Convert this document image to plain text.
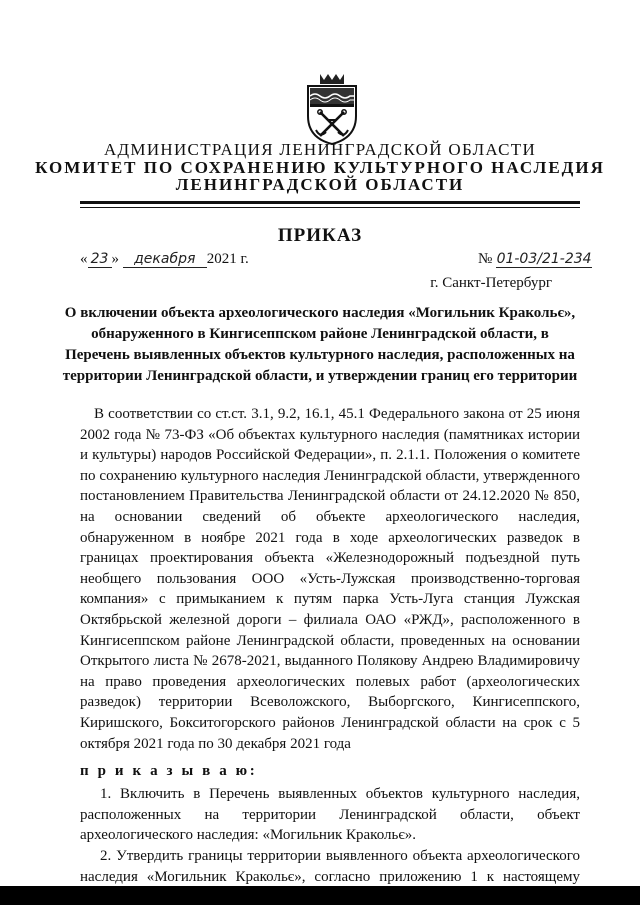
АДМИНИСТРАЦИЯ ЛЕНИНГРАДСКОЙ ОБЛАСТИ
КОМИТЕТ ПО СОХРАНЕНИЮ КУЛЬТУРНОГО НАСЛЕДИЯ
ЛЕНИНГРАДСКОЙ ОБЛАСТИ
ПРИКАЗ
« 23 » декабря 2021 г.	№ 01-03/21-234
г. Санкт-Петербург

О включении объекта археологического наследия «Могильник Кракольє», обнаруженного в Кингисеппском районе Ленинградской области, в Перечень выявленных объектов культурного наследия, расположенных на территории Ленинградской области, и утверждении границ его территории

В соответствии со ст.ст. 3.1, 9.2, 16.1, 45.1 Федерального закона от 25 июня 2002 года № 73-ФЗ «Об объектах культурного наследия (памятниках истории и культуры) народов Российской Федерации», п. 2.1.1. Положения о комитете по сохранению культурного наследия Ленинградской области, утвержденного постановлением Правительства Ленинградской области от 24.12.2020 № 850, на основании сведений об объекте археологического наследия, обнаруженном в ноябре 2021 года в ходе археологических разведок в границах проектирования объекта «Железнодорожный подъездной путь необщего пользования ООО «Усть-Лужская производственно-торговая компания» с примыканием к путям парка Усть-Луга станция Лужская Октябрьской железной дороги – филиала ОАО «РЖД», расположенного в Кингисеппском районе Ленинградской области, проведенных на основании Открытого листа № 2678-2021, выданного Полякову Андрею Владимировичу на право проведения археологических полевых работ (археологических разведок) территории Всеволожского, Выборгского, Кингисеппского, Киришского, Бокситогорского районов Ленинградской области на срок с 5 октября 2021 года по 30 декабря 2021 года

п р и к а з ы в а ю:

1. Включить в Перечень выявленных объектов культурного наследия, расположенных на территории Ленинградской области, объект археологического наследия: «Могильник Кракольє».

2. Утвердить границы территории выявленного объекта археологического наследия «Могильник Кракольє», согласно приложению 1 к настоящему
